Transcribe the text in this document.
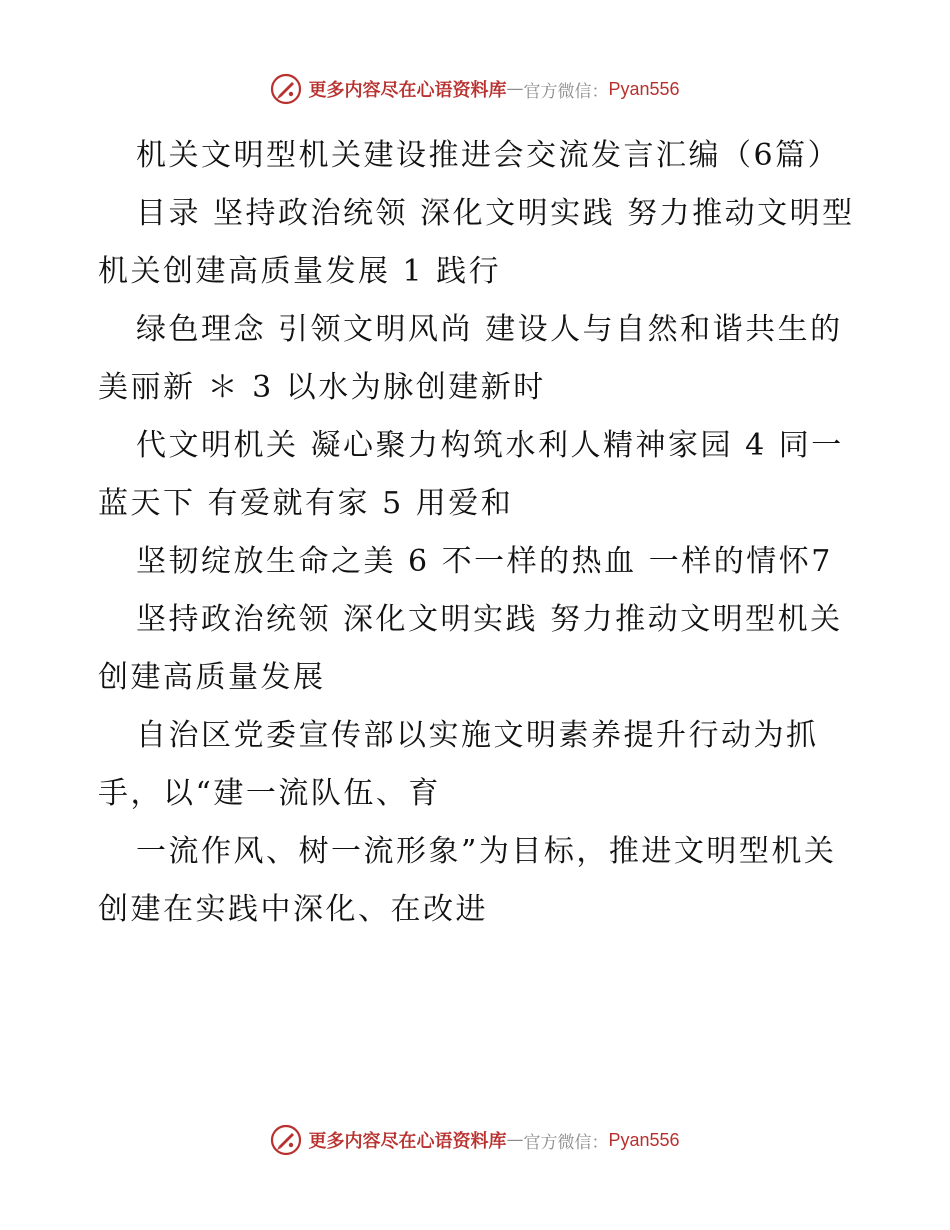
更多内容尽在心语资料库 — 官方微信： Pyan556

机关文明型机关建设推进会交流发言汇编（6篇）

目录 坚持政治统领 深化文明实践 努力推动文明型机关创建高质量发展 1 践行

绿色理念 引领文明风尚 建设人与自然和谐共生的美丽新 ＊ 3 以水为脉创建新时

代文明机关 凝心聚力构筑水利人精神家园 4 同一蓝天下 有爱就有家 5 用爱和

坚韧绽放生命之美 6 不一样的热血 一样的情怀7

坚持政治统领 深化文明实践 努力推动文明型机关创建高质量发展

自治区党委宣传部以实施文明素养提升行动为抓手，以“建一流队伍、育

一流作风、树一流形象”为目标，推进文明型机关创建在实践中深化、在改进

更多内容尽在心语资料库 — 官方微信： Pyan556
